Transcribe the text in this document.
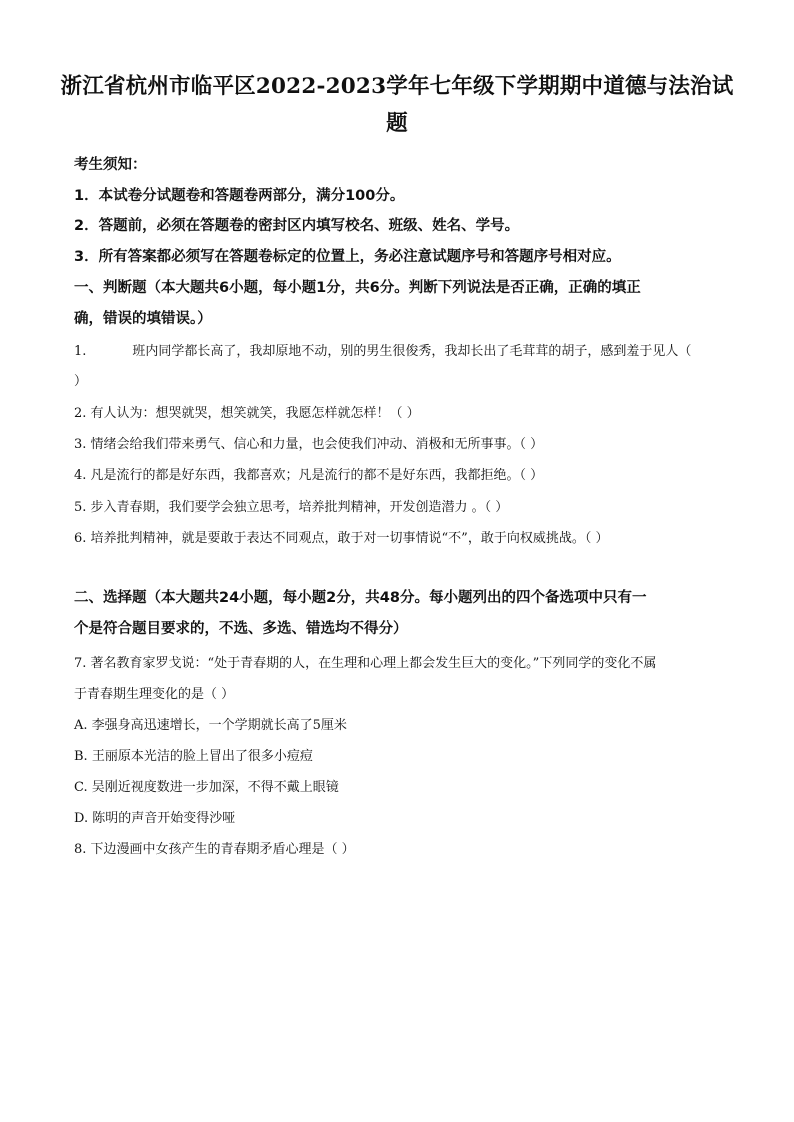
浙江省杭州市临平区2022-2023学年七年级下学期期中道德与法治试
题
考生须知：
1．本试卷分试题卷和答题卷两部分，满分100分。
2．答题前，必须在答题卷的密封区内填写校名、班级、姓名、学号。
3．所有答案都必须写在答题卷标定的位置上，务必注意试题序号和答题序号相对应。
一、判断题（本大题共6小题，每小题1分，共6分。判断下列说法是否正确，正确的填正
确，错误的填错误。）
1.	班内同学都长高了，我却原地不动，别的男生很俊秀，我却长出了毛茸茸的胡子，感到羞于见人（
）
2. 有人认为：想哭就哭，想笑就笑，我愿怎样就怎样！（ ）
3. 情绪会给我们带来勇气、信心和力量，也会使我们冲动、消极和无所事事。（ ）
4. 凡是流行的都是好东西，我都喜欢；凡是流行的都不是好东西，我都拒绝。（ ）
5. 步入青春期，我们要学会独立思考，培养批判精神，开发创造潜力 。（ ）
6. 培养批判精神，就是要敢于表达不同观点，敢于对一切事情说“不”，敢于向权威挑战。（ ）
二、选择题（本大题共24小题，每小题2分，共48分。每小题列出的四个备选项中只有一
个是符合题目要求的，不选、多选、错选均不得分）
7. 著名教育家罗戈说：“处于青春期的人，在生理和心理上都会发生巨大的变化。”下列同学的变化不属
于青春期生理变化的是（ ）
A. 李强身高迅速增长，一个学期就长高了5厘米
B. 王丽原本光洁的脸上冒出了很多小痘痘
C. 吴刚近视度数进一步加深，不得不戴上眼镜
D. 陈明的声音开始变得沙哑
8. 下边漫画中女孩产生的青春期矛盾心理是（ ）
